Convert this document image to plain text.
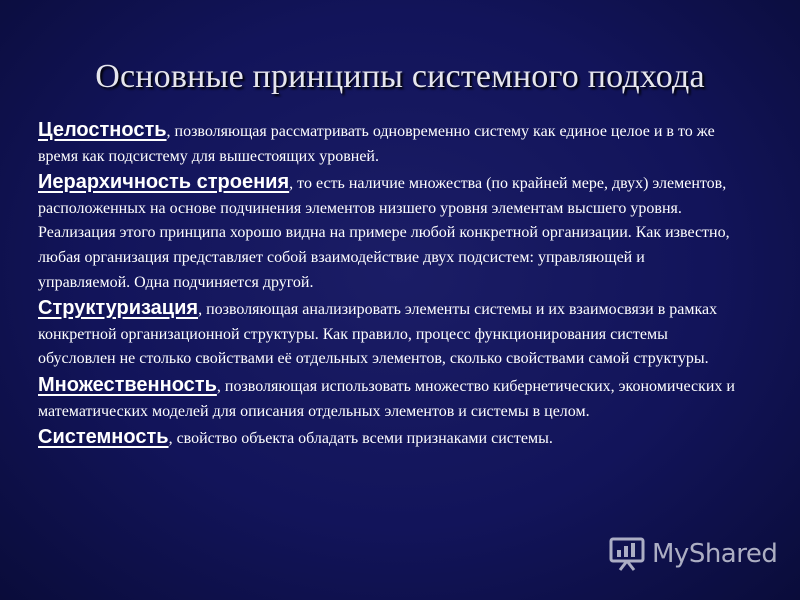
Основные принципы системного подхода

Целостность, позволяющая рассматривать одновременно систему как единое целое и в то же время как подсистему для вышестоящих уровней.

Иерархичность строения, то есть наличие множества (по крайней мере, двух) элементов, расположенных на основе подчинения элементов низшего уровня элементам высшего уровня. Реализация этого принципа хорошо видна на примере любой конкретной организации. Как известно, любая организация представляет собой взаимодействие двух подсистем: управляющей и управляемой. Одна подчиняется другой.

Структуризация, позволяющая анализировать элементы системы и их взаимосвязи в рамках конкретной организационной структуры. Как правило, процесс функционирования системы обусловлен не столько свойствами её отдельных элементов, сколько свойствами самой структуры.

Множественность, позволяющая использовать множество кибернетических, экономических и математических моделей для описания отдельных элементов и системы в целом.

Системность, свойство объекта обладать всеми признаками системы.

MyShared
